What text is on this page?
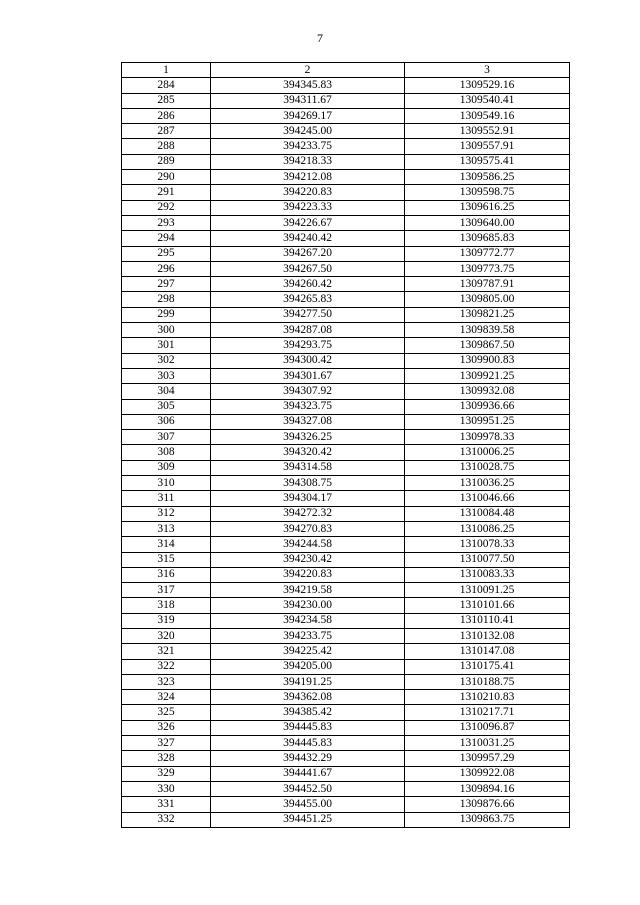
7
1	2	3
284	394345.83	1309529.16
285	394311.67	1309540.41
286	394269.17	1309549.16
287	394245.00	1309552.91
288	394233.75	1309557.91
289	394218.33	1309575.41
290	394212.08	1309586.25
291	394220.83	1309598.75
292	394223.33	1309616.25
293	394226.67	1309640.00
294	394240.42	1309685.83
295	394267.20	1309772.77
296	394267.50	1309773.75
297	394260.42	1309787.91
298	394265.83	1309805.00
299	394277.50	1309821.25
300	394287.08	1309839.58
301	394293.75	1309867.50
302	394300.42	1309900.83
303	394301.67	1309921.25
304	394307.92	1309932.08
305	394323.75	1309936.66
306	394327.08	1309951.25
307	394326.25	1309978.33
308	394320.42	1310006.25
309	394314.58	1310028.75
310	394308.75	1310036.25
311	394304.17	1310046.66
312	394272.32	1310084.48
313	394270.83	1310086.25
314	394244.58	1310078.33
315	394230.42	1310077.50
316	394220.83	1310083.33
317	394219.58	1310091.25
318	394230.00	1310101.66
319	394234.58	1310110.41
320	394233.75	1310132.08
321	394225.42	1310147.08
322	394205.00	1310175.41
323	394191.25	1310188.75
324	394362.08	1310210.83
325	394385.42	1310217.71
326	394445.83	1310096.87
327	394445.83	1310031.25
328	394432.29	1309957.29
329	394441.67	1309922.08
330	394452.50	1309894.16
331	394455.00	1309876.66
332	394451.25	1309863.75
